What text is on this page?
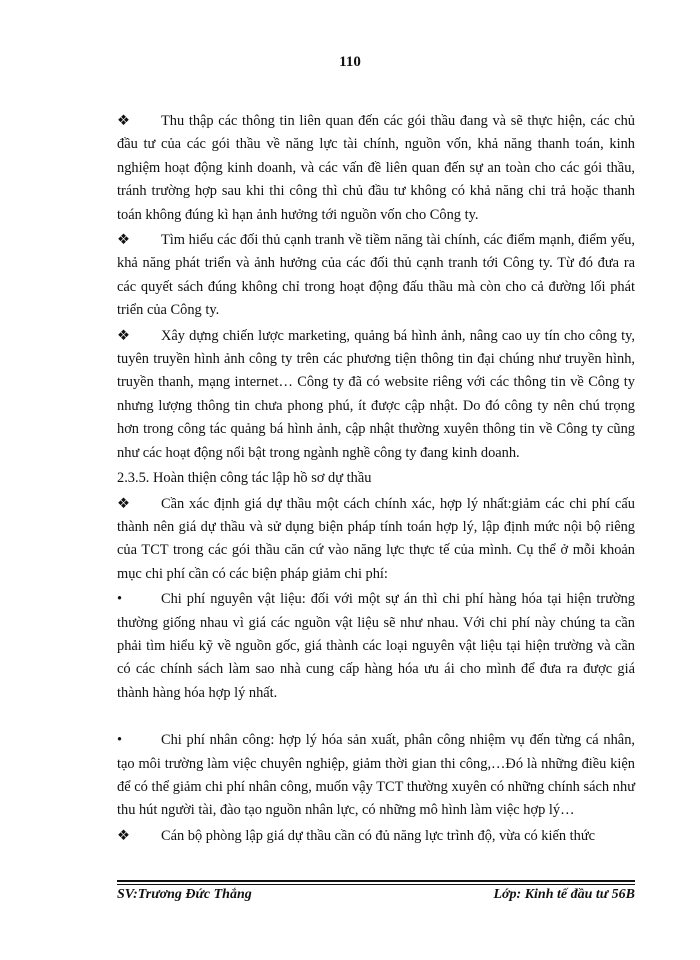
110

❖ Thu thập các thông tin liên quan đến các gói thầu đang và sẽ thực hiện, các chủ đầu tư của các gói thầu về năng lực tài chính, nguồn vốn, khả năng thanh toán, kinh nghiệm hoạt động kinh doanh, và các vấn đề liên quan đến sự an toàn cho các gói thầu, tránh trường hợp sau khi thi công thì chủ đầu tư không có khả năng chi trả hoặc thanh toán không đúng kì hạn ảnh hưởng tới nguồn vốn cho Công ty.

❖ Tìm hiểu các đối thủ cạnh tranh về tiềm năng tài chính, các điểm mạnh, điểm yếu, khả năng phát triển và ảnh hưởng của các đối thủ cạnh tranh tới Công ty. Từ đó đưa ra các quyết sách đúng không chỉ trong hoạt động đấu thầu mà còn cho cả đường lối phát triển của Công ty.

❖ Xây dựng chiến lược marketing, quảng bá hình ảnh, nâng cao uy tín cho công ty, tuyên truyền hình ảnh công ty trên các phương tiện thông tin đại chúng như truyền hình, truyền thanh, mạng internet… Công ty đã có website riêng với các thông tin về Công ty nhưng lượng thông tin chưa phong phú, ít được cập nhật. Do đó công ty nên chú trọng hơn trong công tác quảng bá hình ảnh, cập nhật thường xuyên thông tin về Công ty cũng như các hoạt động nổi bật trong ngành nghề công ty đang kinh doanh.

2.3.5. Hoàn thiện công tác lập hồ sơ dự thầu

❖ Cần xác định giá dự thầu một cách chính xác, hợp lý nhất:giảm các chi phí cấu thành nên giá dự thầu và sử dụng biện pháp tính toán hợp lý, lập định mức nội bộ riêng của TCT trong các gói thầu căn cứ vào năng lực thực tế của mình. Cụ thể ở mỗi khoản mục chi phí cần có các biện pháp giảm chi phí:

•	Chi phí nguyên vật liệu: đối với một sự án thì chi phí hàng hóa tại hiện trường thường giống nhau vì giá các nguồn vật liệu sẽ như nhau. Với chi phí này chúng ta cần phải tìm hiểu kỹ về nguồn gốc, giá thành các loại nguyên vật liệu tại hiện trường và cần có các chính sách làm sao nhà cung cấp hàng hóa ưu ái cho mình để đưa ra được giá thành hàng hóa hợp lý nhất.

•	Chi phí nhân công: hợp lý hóa sản xuất, phân công nhiệm vụ đến từng cá nhân, tạo môi trường làm việc chuyên nghiệp, giảm thời gian thi công,…Đó là những điều kiện để có thể giảm chi phí nhân công, muốn vậy TCT thường xuyên có những chính sách như thu hút người tài, đào tạo nguồn nhân lực, có những mô hình làm việc hợp lý…

❖ Cán bộ phòng lập giá dự thầu cần có đủ năng lực trình độ, vừa có kiến thức

SV:Trương Đức Thắng	Lớp: Kinh tế đầu tư 56B
